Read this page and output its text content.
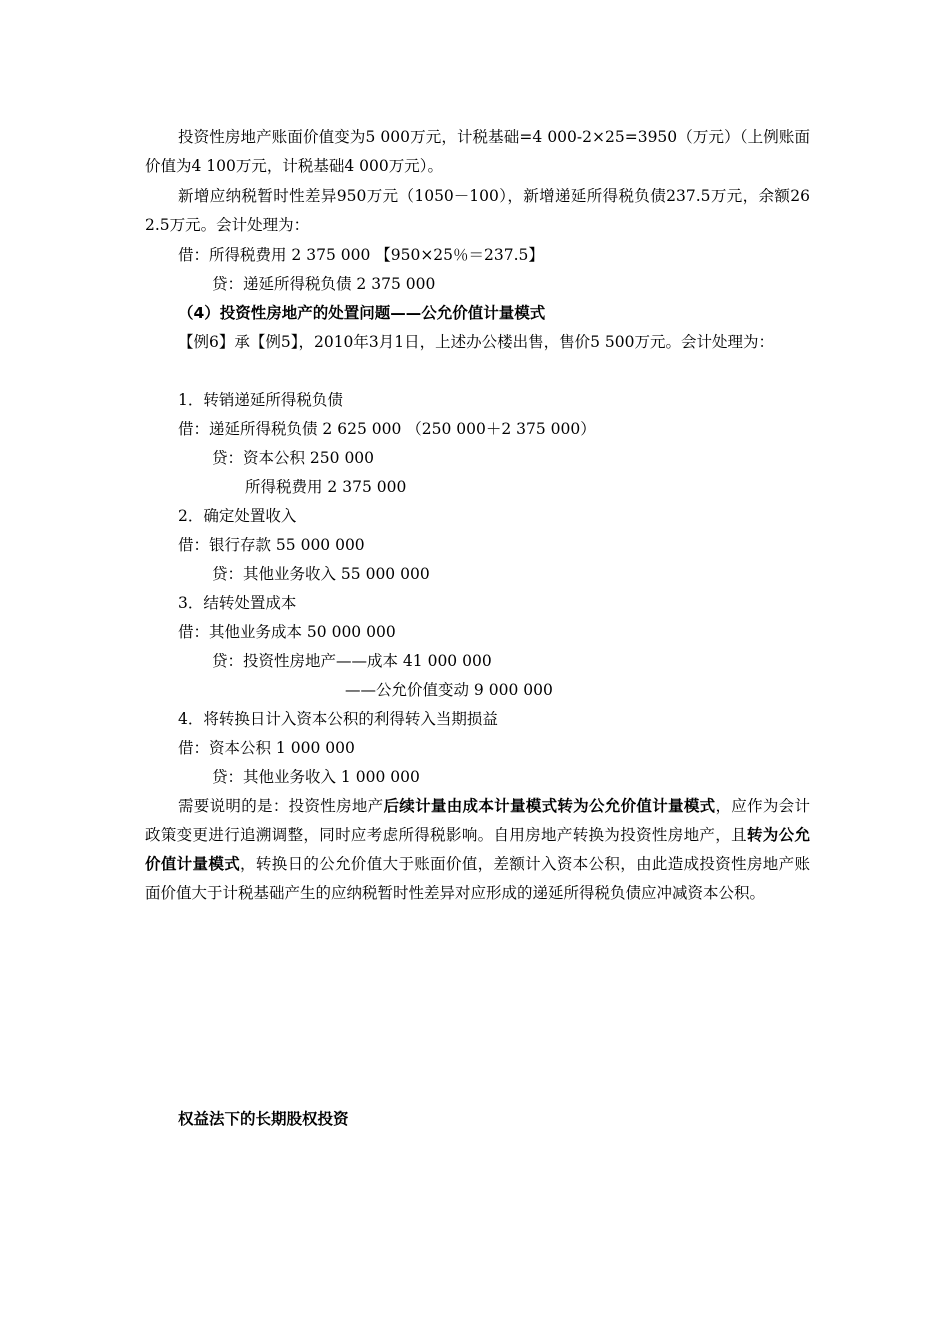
投资性房地产账面价值变为5 000万元，计税基础=4 000-2×25=3950（万元）（上例账面价值为4 100万元，计税基础4 000万元）。
新增应纳税暂时性差异950万元（1050－100），新增递延所得税负债237.5万元，余额262.5万元。会计处理为：
借：所得税费用 2 375 000 【950×25％＝237.5】
贷：递延所得税负债 2 375 000
（4）投资性房地产的处置问题——公允价值计量模式
【例6】承【例5】，2010年3月1日，上述办公楼出售，售价5 500万元。会计处理为：
1．转销递延所得税负债
借：递延所得税负债 2 625 000 （250 000＋2 375 000）
贷：资本公积 250 000
所得税费用 2 375 000
2．确定处置收入
借：银行存款 55 000 000
贷：其他业务收入 55 000 000
3．结转处置成本
借：其他业务成本 50 000 000
贷：投资性房地产——成本 41 000 000
——公允价值变动 9 000 000
4．将转换日计入资本公积的利得转入当期损益
借：资本公积 1 000 000
贷：其他业务收入 1 000 000
需要说明的是：投资性房地产后续计量由成本计量模式转为公允价值计量模式，应作为会计政策变更进行追溯调整，同时应考虑所得税影响。自用房地产转换为投资性房地产，且转为公允价值计量模式，转换日的公允价值大于账面价值，差额计入资本公积，由此造成投资性房地产账面价值大于计税基础产生的应纳税暂时性差异对应形成的递延所得税负债应冲减资本公积。
权益法下的长期股权投资
